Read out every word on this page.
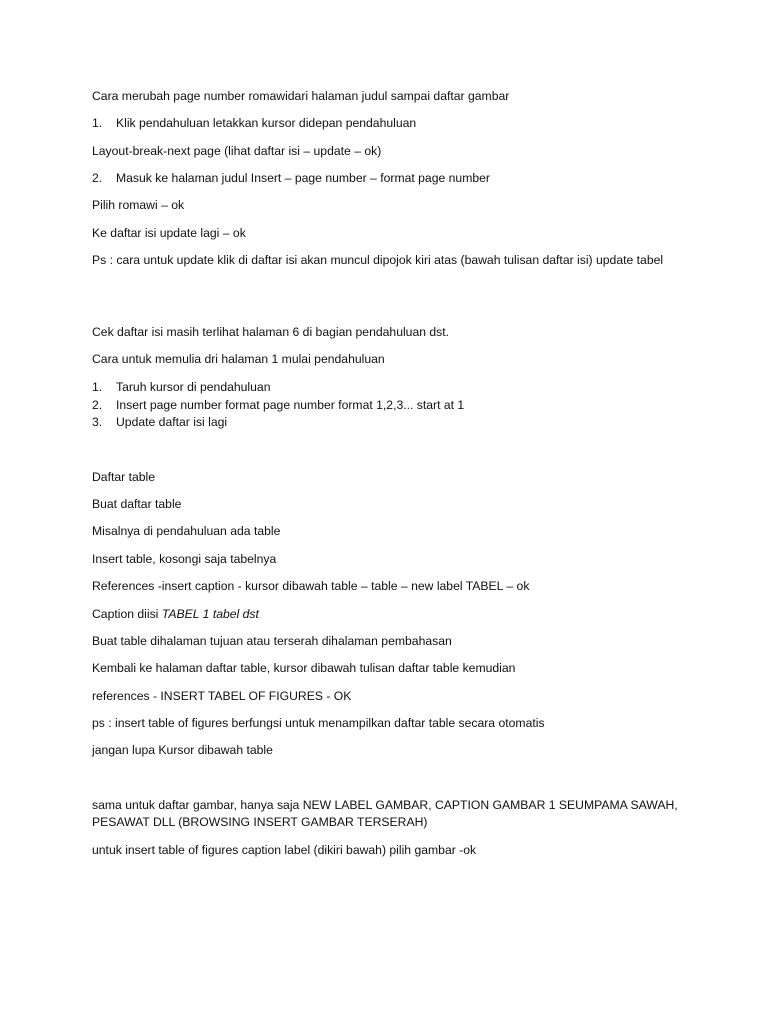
Cara merubah page number romawidari halaman judul sampai daftar gambar
1. Klik pendahuluan letakkan kursor didepan pendahuluan
Layout-break-next page (lihat daftar isi – update – ok)
2. Masuk ke halaman judul Insert – page number – format page number
Pilih romawi – ok
Ke daftar isi update lagi – ok
Ps : cara untuk update klik di daftar isi akan muncul dipojok kiri atas (bawah tulisan daftar isi) update tabel
Cek daftar isi masih terlihat halaman 6 di bagian pendahuluan dst.
Cara untuk memulia dri halaman 1 mulai pendahuluan
1. Taruh kursor di pendahuluan
2. Insert page number format page number format 1,2,3... start at 1
3. Update daftar isi lagi
Daftar table
Buat daftar table
Misalnya di pendahuluan ada table
Insert table, kosongi saja tabelnya
References -insert caption - kursor dibawah table – table – new label TABEL – ok
Caption diisi TABEL 1 tabel dst
Buat table dihalaman tujuan atau terserah dihalaman pembahasan
Kembali ke halaman daftar table, kursor dibawah tulisan daftar table kemudian
references - INSERT TABEL OF FIGURES - OK
ps : insert table of figures berfungsi untuk menampilkan daftar table secara otomatis
jangan lupa Kursor dibawah table
sama untuk daftar gambar, hanya saja NEW LABEL GAMBAR, CAPTION GAMBAR 1 SEUMPAMA SAWAH, PESAWAT DLL (BROWSING INSERT GAMBAR TERSERAH)
untuk insert table of figures caption label (dikiri bawah) pilih gambar -ok
